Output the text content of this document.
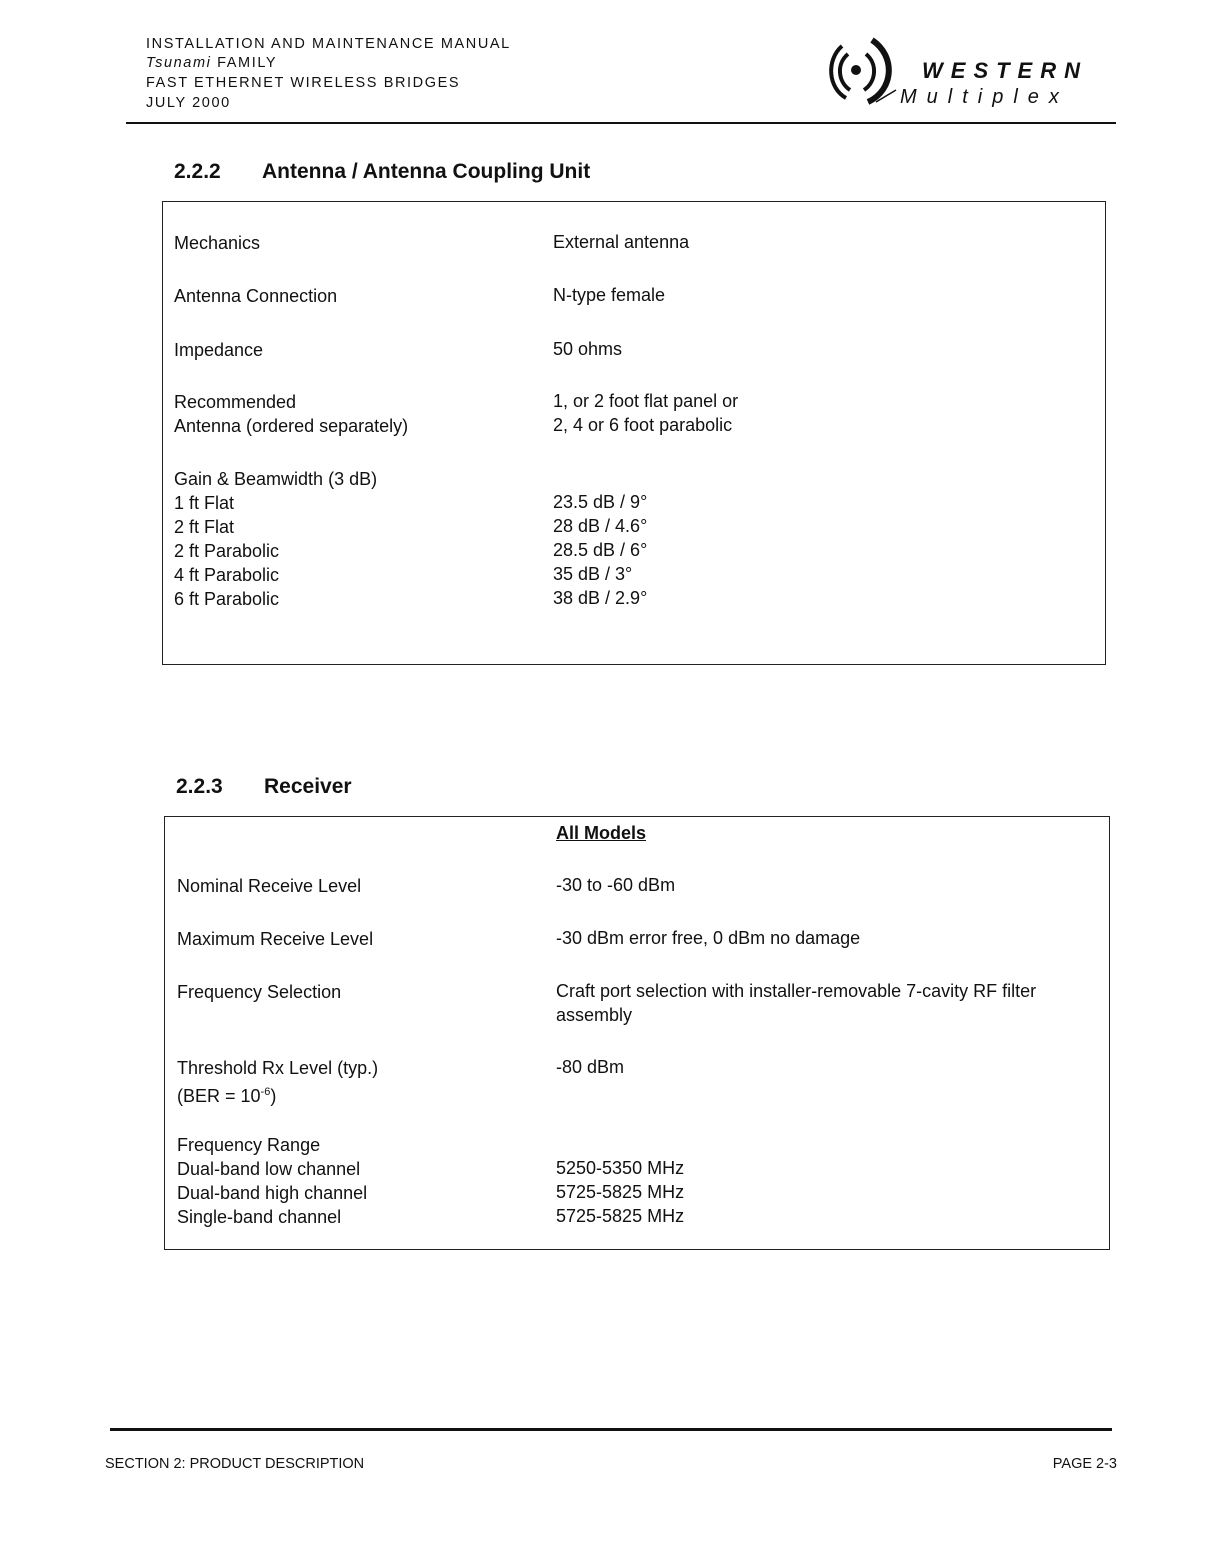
INSTALLATION AND MAINTENANCE MANUAL
Tsunami FAMILY
FAST ETHERNET WIRELESS BRIDGES
JULY 2000
WESTERN
Multiplex
2.2.2 Antenna / Antenna Coupling Unit
Mechanics	External antenna
Antenna Connection	N-type female
Impedance	50 ohms
Recommended	1, or 2 foot flat panel or
Antenna (ordered separately)	2, 4 or 6 foot parabolic
Gain & Beamwidth (3 dB)
1 ft Flat	23.5 dB / 9°
2 ft Flat	28 dB / 4.6°
2 ft Parabolic	28.5 dB / 6°
4 ft Parabolic	35 dB / 3°
6 ft Parabolic	38 dB / 2.9°
2.2.3 Receiver
All Models
Nominal Receive Level	-30 to -60 dBm
Maximum Receive Level	-30 dBm error free, 0 dBm no damage
Frequency Selection	Craft port selection with installer-removable 7-cavity RF filter assembly
Threshold Rx Level (typ.)	-80 dBm
$(BER = 10^{-6})$
Frequency Range
Dual-band low channel	5250-5350 MHz
Dual-band high channel	5725-5825 MHz
Single-band channel	5725-5825 MHz
SECTION 2: PRODUCT DESCRIPTION	PAGE 2-3
